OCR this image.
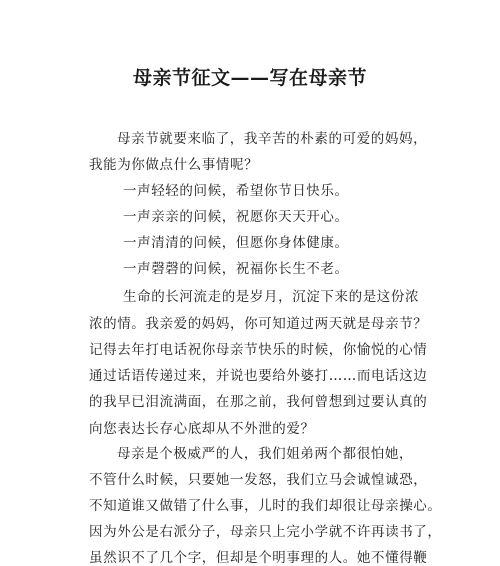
母亲节征文——写在母亲节
母亲节就要来临了，我辛苦的朴素的可爱的妈妈，
我能为你做点什么事情呢？
一声轻轻的问候，希望你节日快乐。
一声亲亲的问候，祝愿你天天开心。
一声清清的问候，但愿你身体健康。
一声磬磬的问候，祝福你长生不老。
生命的长河流走的是岁月，沉淀下来的是这份浓
浓的情。我亲爱的妈妈，你可知道过两天就是母亲节？
记得去年打电话祝你母亲节快乐的时候，你愉悦的心情
通过话语传递过来，并说也要给外婆打……而电话这边
的我早已泪流满面，在那之前，我何曾想到过要认真的
向您表达长存心底却从不外泄的爱？
母亲是个极威严的人，我们姐弟两个都很怕她，
不管什么时候，只要她一发怒，我们立马会诚惶诚恐，
不知道谁又做错了什么事，儿时的我们却很让母亲操心。
因为外公是右派分子，母亲只上完小学就不许再读书了，
虽然识不了几个字，但却是个明事理的人。她不懂得鞭
